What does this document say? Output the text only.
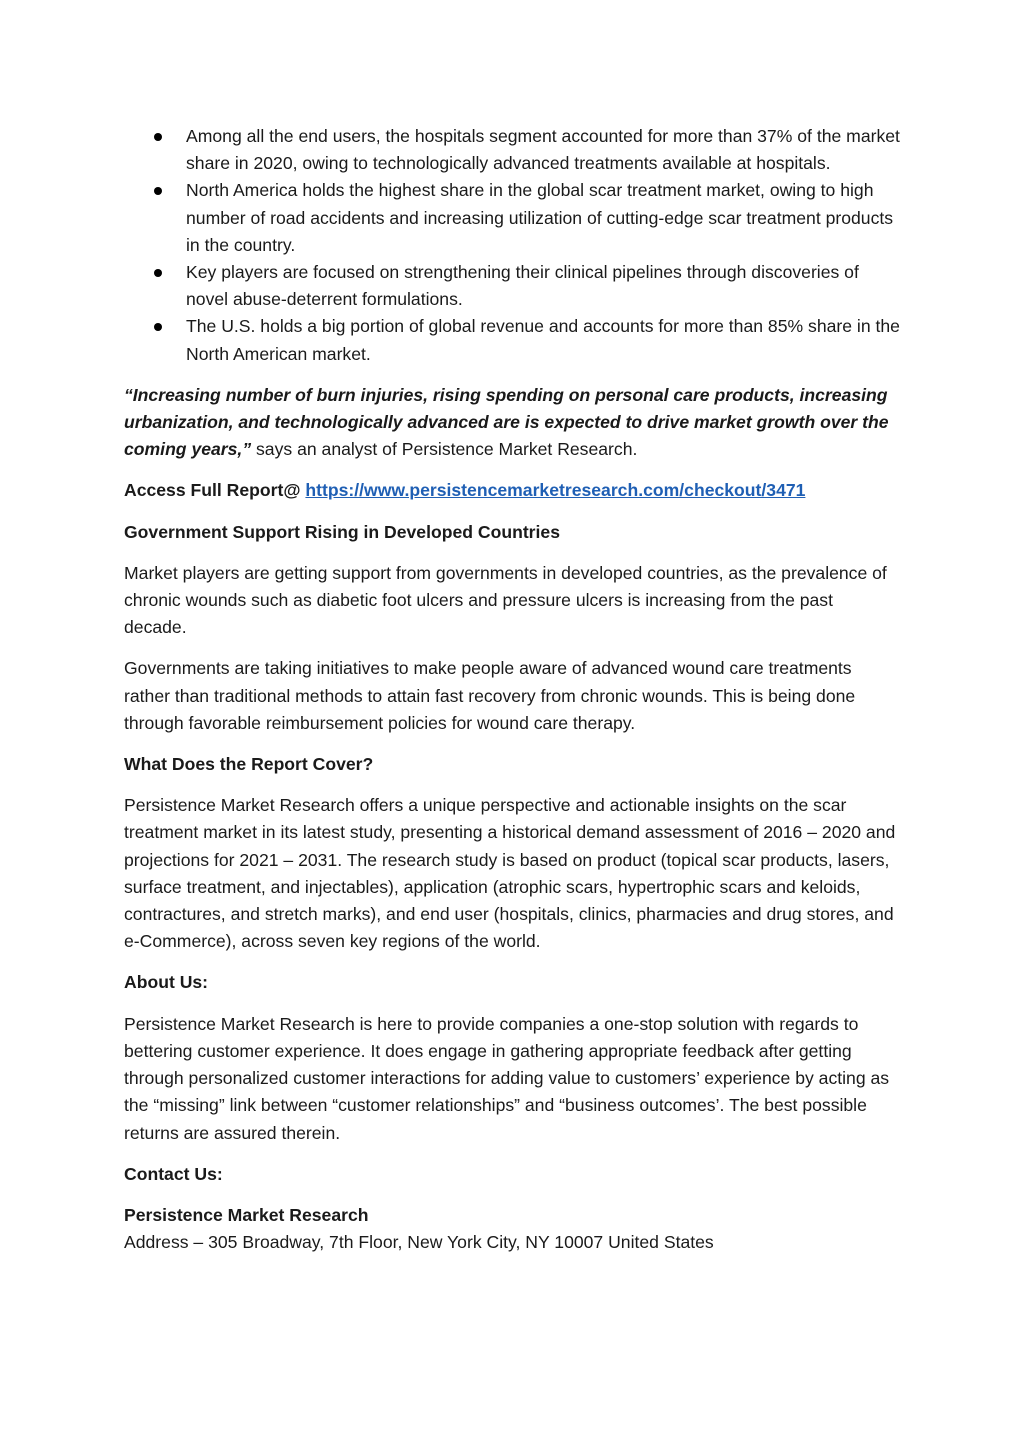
Among all the end users, the hospitals segment accounted for more than 37% of the market share in 2020, owing to technologically advanced treatments available at hospitals.
North America holds the highest share in the global scar treatment market, owing to high number of road accidents and increasing utilization of cutting-edge scar treatment products in the country.
Key players are focused on strengthening their clinical pipelines through discoveries of novel abuse-deterrent formulations.
The U.S. holds a big portion of global revenue and accounts for more than 85% share in the North American market.

“Increasing number of burn injuries, rising spending on personal care products, increasing urbanization, and technologically advanced are is expected to drive market growth over the coming years,” says an analyst of Persistence Market Research.

Access Full Report@ https://www.persistencemarketresearch.com/checkout/3471

Government Support Rising in Developed Countries

Market players are getting support from governments in developed countries, as the prevalence of chronic wounds such as diabetic foot ulcers and pressure ulcers is increasing from the past decade.

Governments are taking initiatives to make people aware of advanced wound care treatments rather than traditional methods to attain fast recovery from chronic wounds. This is being done through favorable reimbursement policies for wound care therapy.

What Does the Report Cover?

Persistence Market Research offers a unique perspective and actionable insights on the scar treatment market in its latest study, presenting a historical demand assessment of 2016 – 2020 and projections for 2021 – 2031. The research study is based on product (topical scar products, lasers, surface treatment, and injectables), application (atrophic scars, hypertrophic scars and keloids, contractures, and stretch marks), and end user (hospitals, clinics, pharmacies and drug stores, and e-Commerce), across seven key regions of the world.

About Us:

Persistence Market Research is here to provide companies a one-stop solution with regards to bettering customer experience. It does engage in gathering appropriate feedback after getting through personalized customer interactions for adding value to customers’ experience by acting as the “missing” link between “customer relationships” and “business outcomes’. The best possible returns are assured therein.

Contact Us:

Persistence Market Research
Address – 305 Broadway, 7th Floor, New York City, NY 10007 United States
